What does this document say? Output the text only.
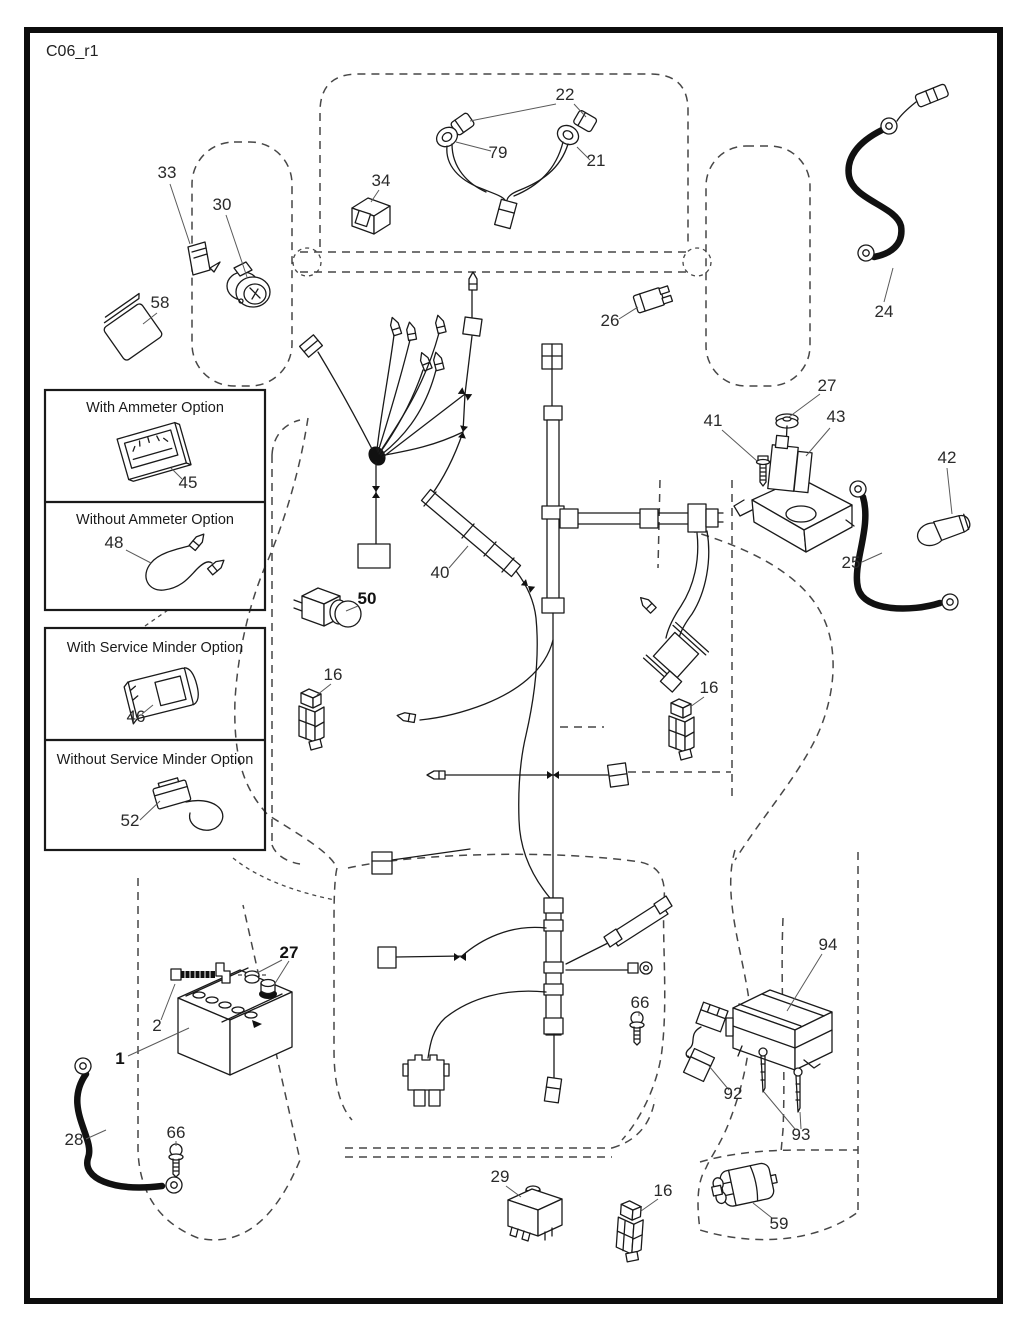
C06_r1
With Ammeter Option
45
Without Ammeter Option
48
With Service Minder Option
46
Without Service Minder Option
52
22
79	21
34
33
30
58
26	24
27
41	43
42
25
40
50
16
16
16
29
66
66
1
2
27
28
92
93
94
59
